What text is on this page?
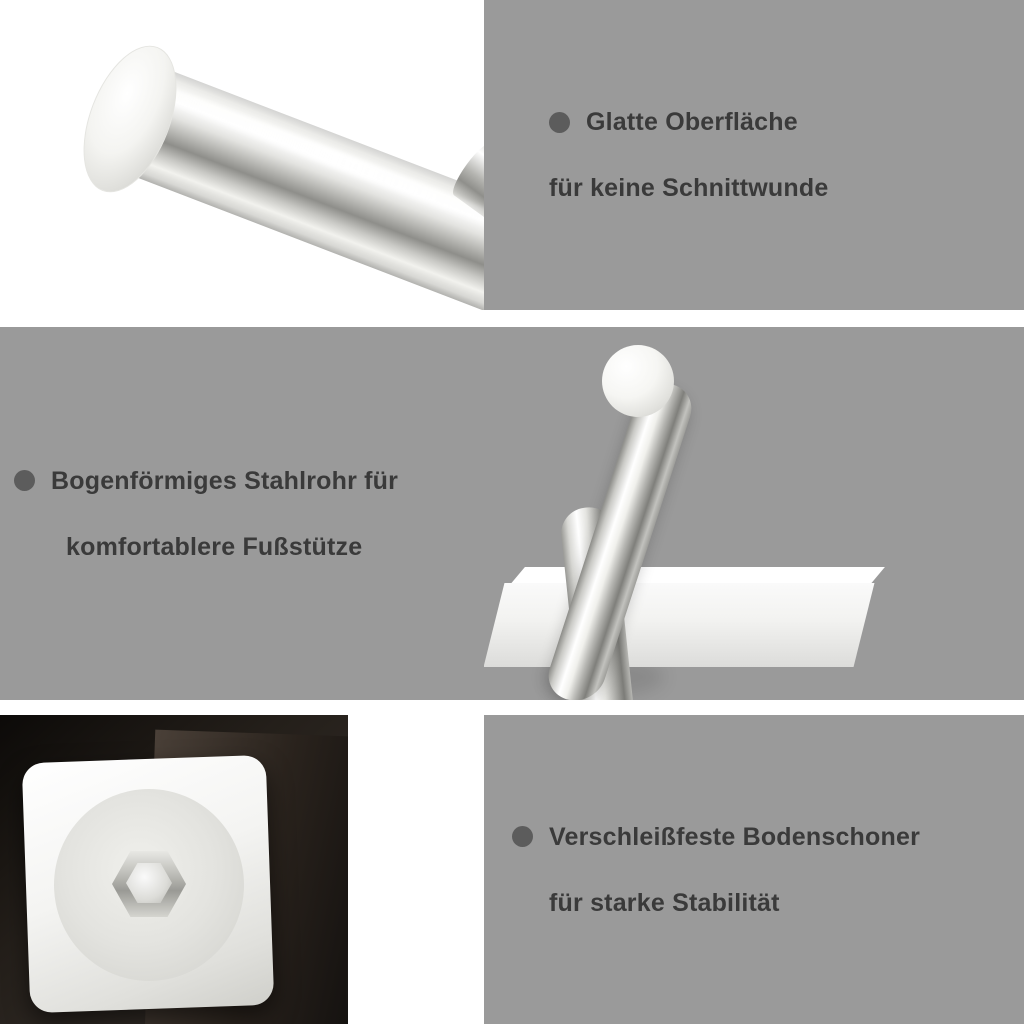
Glatte Oberfläche
für keine Schnittwunde
Bogenförmiges Stahlrohr für
komfortablere Fußstütze
Verschleißfeste Bodenschoner
für starke Stabilität
